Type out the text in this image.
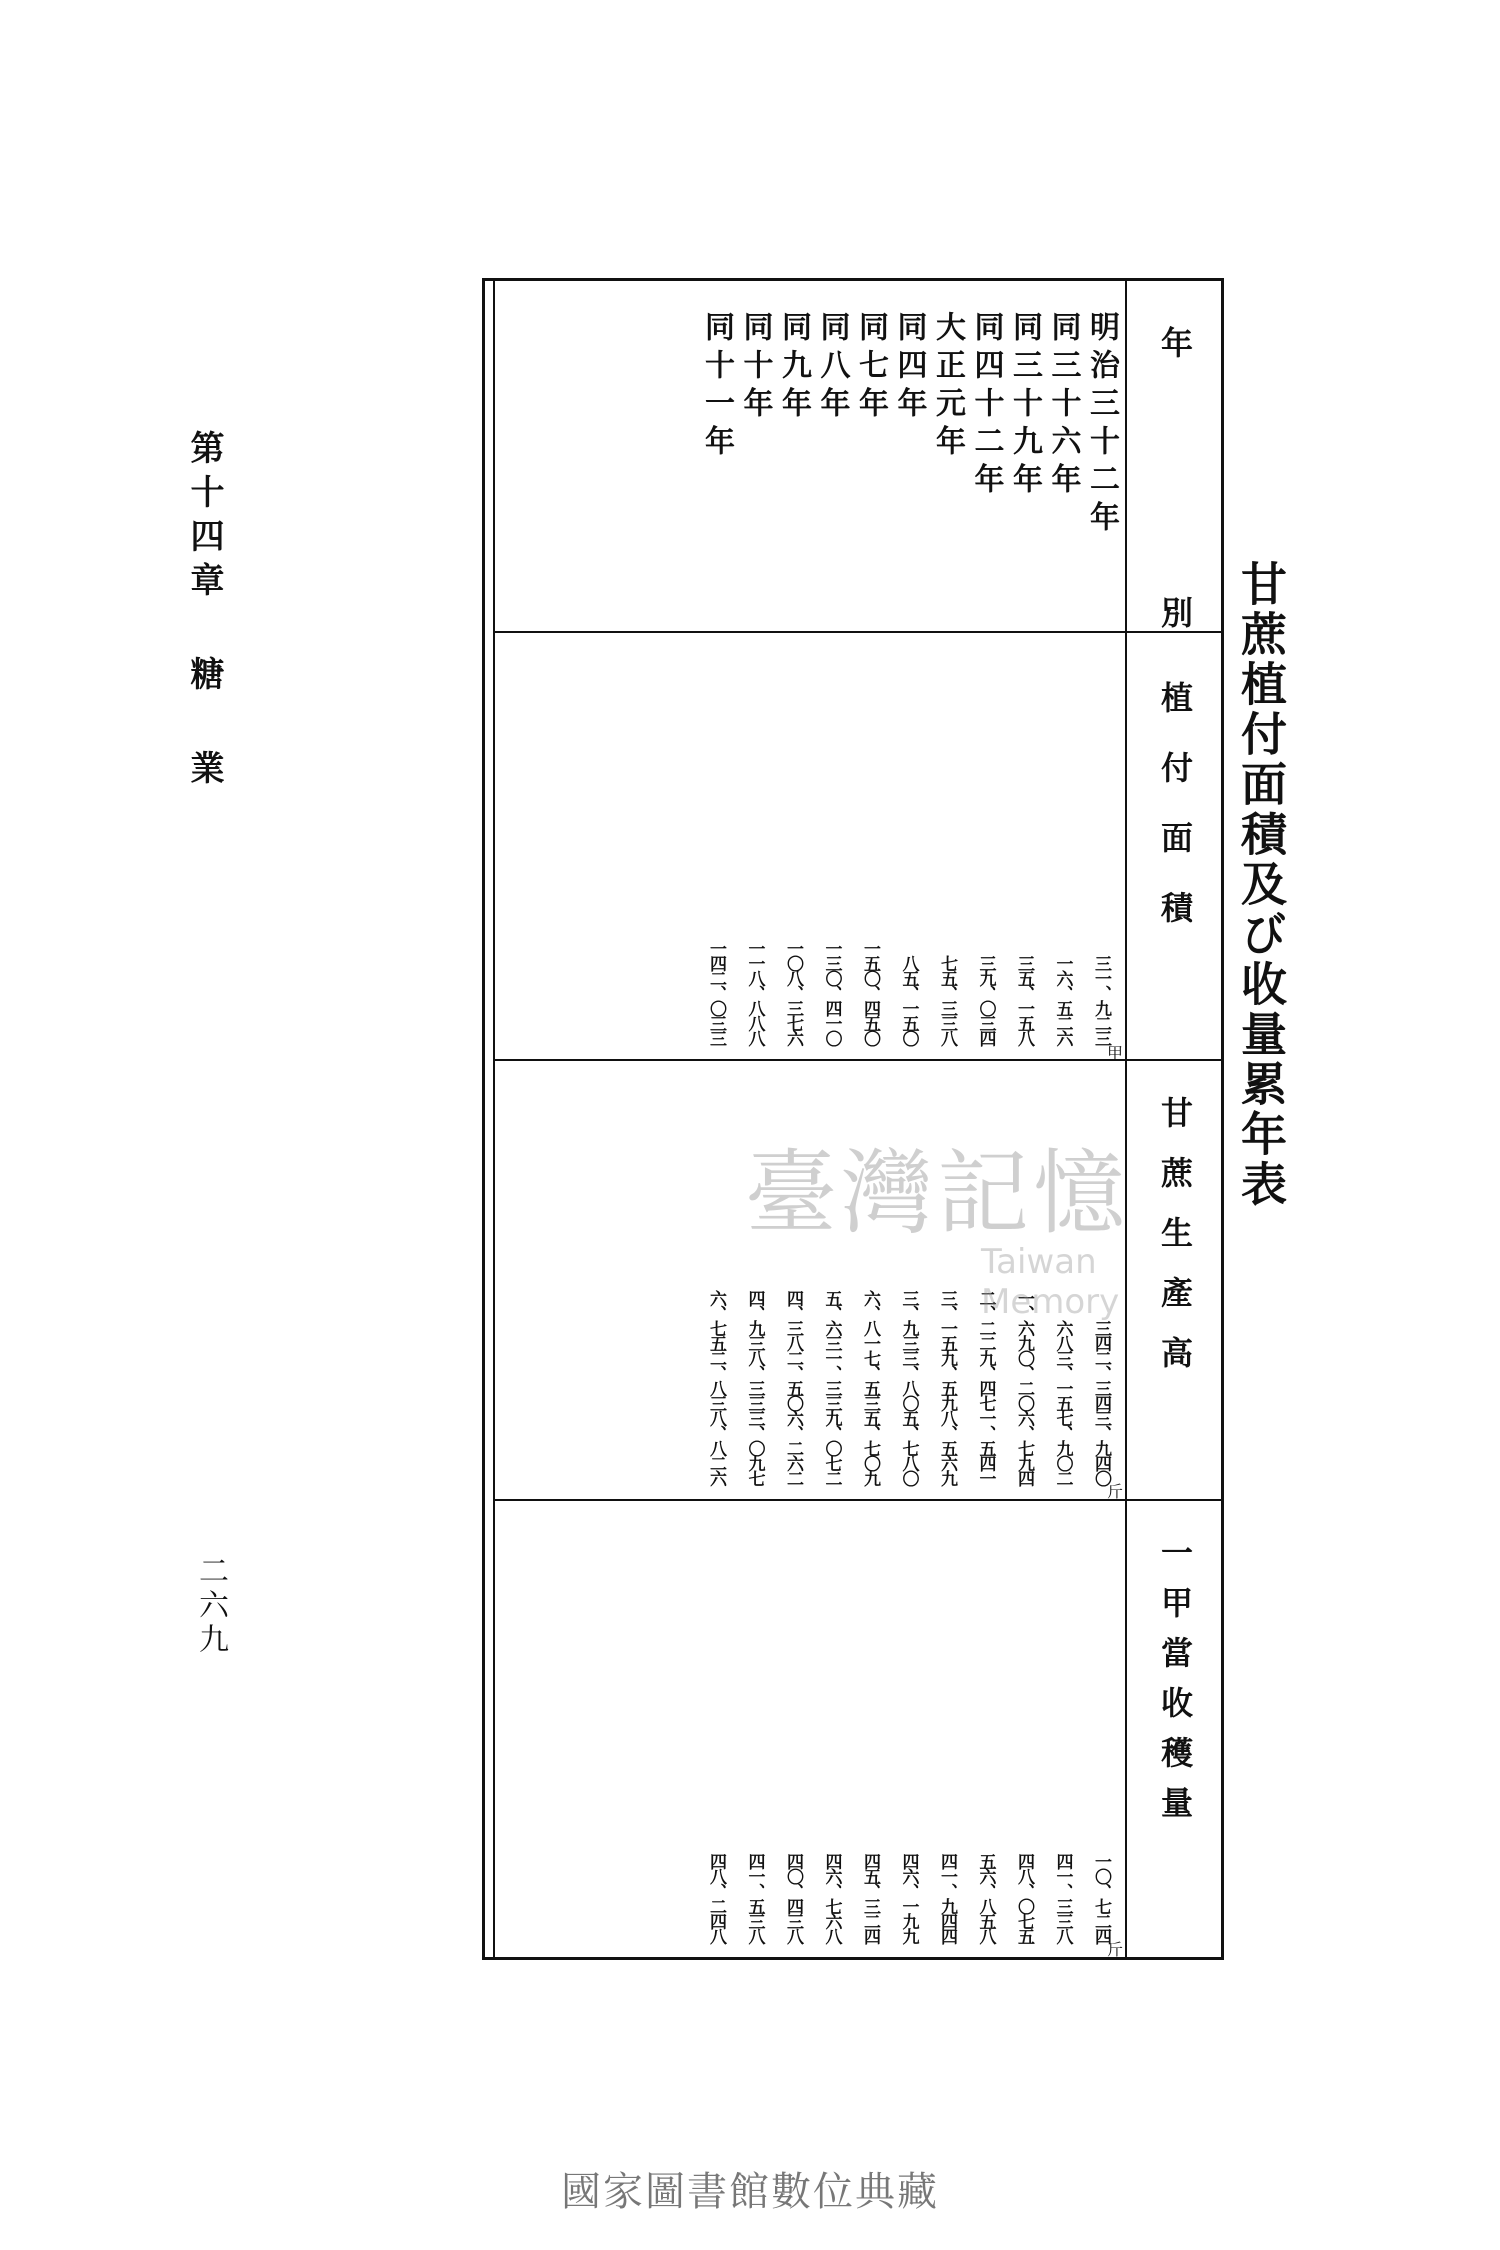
第十四章 糖 業
二六九
甘蔗植付面積及び收量累年表
年 別
植付面積
甘蔗生產高
一甲當收穫量
甲
斤
斤
明治三十二年
三一、九二三
三四二、三四三、九四〇
一〇、七二四
同三十六年
一六、五二六
六八三、一五七、九〇二
四一、三三八
同三十九年
三五、一五八
一、六九〇、二〇六、七九四
四八、〇七五
同四十二年
三九、〇三四
二、二二九、四七一、五四一
五六、八五八
大正元年
七五、三三八
三、一五九、五九八、五六九
四一、九四四
同四年
八五、一五〇
三、九三三、八〇五、七八〇
四六、一九九
同七年
一五〇、四五〇
六、八一七、五三五、七〇九
四五、三二四
同八年
一三〇、四一〇
五、六三一、三三九、〇七二
四六、七六八
同九年
一〇八、三七六
四、三八二、五〇六、二六二
四〇、四三八
同十年
一一八、八八八
四、九三八、三三三、〇九七
四一、五三八
同十一年
一四二、〇三三
六、七五二、八三八、八二六
四八、二四八
臺灣記憶
Taiwan Memory
國家圖書館數位典藏
